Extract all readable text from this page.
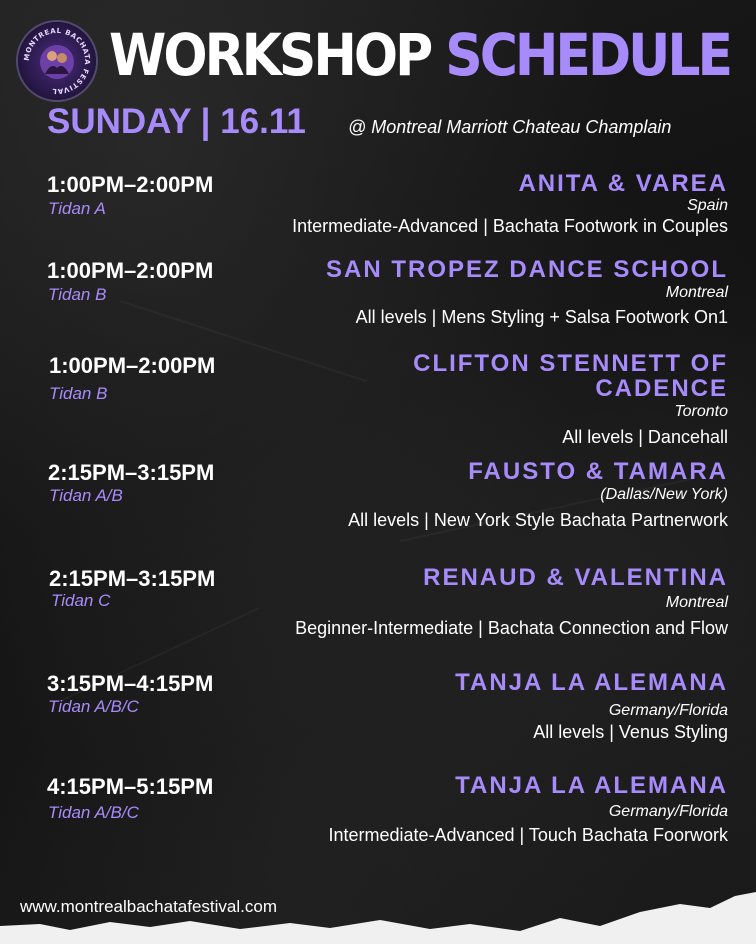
MONTREAL BACHATA FESTIVAL
WORKSHOP SCHEDULE
SUNDAY | 16.11 @ Montreal Marriott Chateau Champlain
1:00PM–2:00PM
Tidan A
ANITA & VAREA
Spain
Intermediate-Advanced | Bachata Footwork in Couples
1:00PM–2:00PM
Tidan B
SAN TROPEZ DANCE SCHOOL
Montreal
All levels | Mens Styling + Salsa Footwork On1
1:00PM–2:00PM
Tidan B
CLIFTON STENNETT OF
CADENCE
Toronto
All levels | Dancehall
2:15PM–3:15PM
Tidan A/B
FAUSTO & TAMARA
(Dallas/New York)
All levels | New York Style Bachata Partnerwork
2:15PM–3:15PM
Tidan C
RENAUD & VALENTINA
Montreal
Beginner-Intermediate | Bachata Connection and Flow
3:15PM–4:15PM
Tidan A/B/C
TANJA LA ALEMANA
Germany/Florida
All levels | Venus Styling
4:15PM–5:15PM
Tidan A/B/C
TANJA LA ALEMANA
Germany/Florida
Intermediate-Advanced | Touch Bachata Foorwork
www.montrealbachatafestival.com
